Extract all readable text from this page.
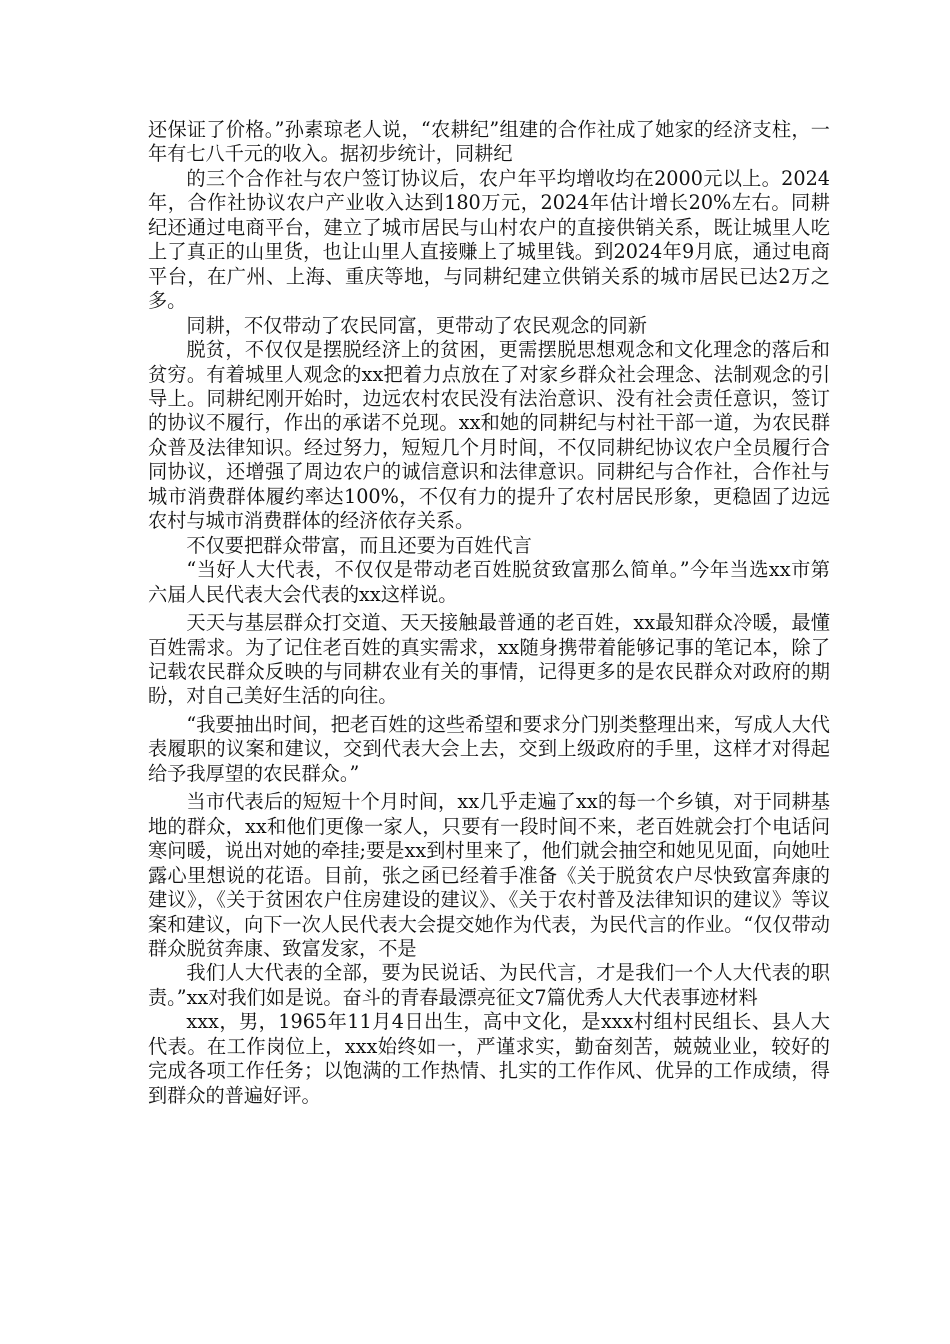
还保证了价格。”孙素琼老人说，“农耕纪”组建的合作社成了她家的经济支柱，一年有七八千元的收入。据初步统计，同耕纪

的三个合作社与农户签订协议后，农户年平均增收均在2000元以上。2024年，合作社协议农户产业收入达到180万元，2024年估计增长20%左右。同耕纪还通过电商平台，建立了城市居民与山村农户的直接供销关系，既让城里人吃上了真正的山里货，也让山里人直接赚上了城里钱。到2024年9月底，通过电商平台，在广州、上海、重庆等地，与同耕纪建立供销关系的城市居民已达2万之多。

同耕，不仅带动了农民同富，更带动了农民观念的同新

脱贫，不仅仅是摆脱经济上的贫困，更需摆脱思想观念和文化理念的落后和贫穷。有着城里人观念的xx把着力点放在了对家乡群众社会理念、法制观念的引导上。同耕纪刚开始时，边远农村农民没有法治意识、没有社会责任意识，签订的协议不履行，作出的承诺不兑现。xx和她的同耕纪与村社干部一道，为农民群众普及法律知识。经过努力，短短几个月时间，不仅同耕纪协议农户全员履行合同协议，还增强了周边农户的诚信意识和法律意识。同耕纪与合作社，合作社与城市消费群体履约率达100%，不仅有力的提升了农村居民形象，更稳固了边远农村与城市消费群体的经济依存关系。

不仅要把群众带富，而且还要为百姓代言

“当好人大代表，不仅仅是带动老百姓脱贫致富那么简单。”今年当选xx市第六届人民代表大会代表的xx这样说。

天天与基层群众打交道、天天接触最普通的老百姓，xx最知群众冷暖，最懂百姓需求。为了记住老百姓的真实需求，xx随身携带着能够记事的笔记本，除了记载农民群众反映的与同耕农业有关的事情，记得更多的是农民群众对政府的期盼，对自己美好生活的向往。

“我要抽出时间，把老百姓的这些希望和要求分门别类整理出来，写成人大代表履职的议案和建议，交到代表大会上去，交到上级政府的手里，这样才对得起给予我厚望的农民群众。”

当市代表后的短短十个月时间，xx几乎走遍了xx的每一个乡镇，对于同耕基地的群众，xx和他们更像一家人，只要有一段时间不来，老百姓就会打个电话问寒问暖，说出对她的牵挂;要是xx到村里来了，他们就会抽空和她见见面，向她吐露心里想说的花语。目前，张之函已经着手准备《关于脱贫农户尽快致富奔康的建议》，《关于贫困农户住房建设的建议》、《关于农村普及法律知识的建议》等议案和建议，向下一次人民代表大会提交她作为代表，为民代言的作业。“仅仅带动群众脱贫奔康、致富发家，不是

我们人大代表的全部，要为民说话、为民代言，才是我们一个人大代表的职责。”xx对我们如是说。奋斗的青春最漂亮征文7篇优秀人大代表事迹材料

xxx，男，1965年11月4日出生，高中文化，是xxx村组村民组长、县人大代表。在工作岗位上，xxx始终如一，严谨求实，勤奋刻苦，兢兢业业，较好的完成各项工作任务；以饱满的工作热情、扎实的工作作风、优异的工作成绩，得到群众的普遍好评。
